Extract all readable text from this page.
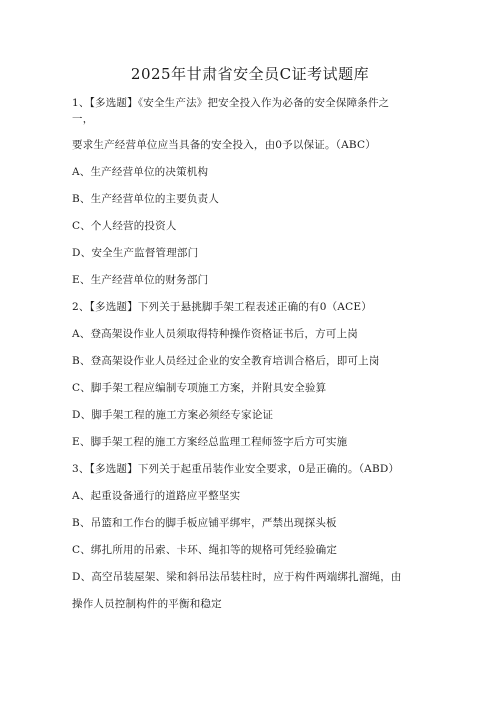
2025年甘肃省安全员C证考试题库
1、【多选题】《安全生产法》把安全投入作为必备的安全保障条件之
一，
要求生产经营单位应当具备的安全投入，由0予以保证。（ABC）
A、生产经营单位的决策机构
B、生产经营单位的主要负责人
C、个人经营的投资人
D、安全生产监督管理部门
E、生产经营单位的财务部门
2、【多选题】下列关于悬挑脚手架工程表述正确的有0（ACE）
A、登高架设作业人员须取得特种操作资格证书后，方可上岗
B、登高架设作业人员经过企业的安全教育培训合格后，即可上岗
C、脚手架工程应编制专项施工方案，并附具安全验算
D、脚手架工程的施工方案必须经专家论证
E、脚手架工程的施工方案经总监理工程师签字后方可实施
3、【多选题】下列关于起重吊装作业安全要求，0是正确的。（ABD）
A、起重设备通行的道路应平整坚实
B、吊篮和工作台的脚手板应铺平绑牢，严禁出现探头板
C、绑扎所用的吊索、卡环、绳扣等的规格可凭经验确定
D、高空吊装屋架、梁和斜吊法吊装柱时，应于构件两端绑扎溜绳，由
操作人员控制构件的平衡和稳定
